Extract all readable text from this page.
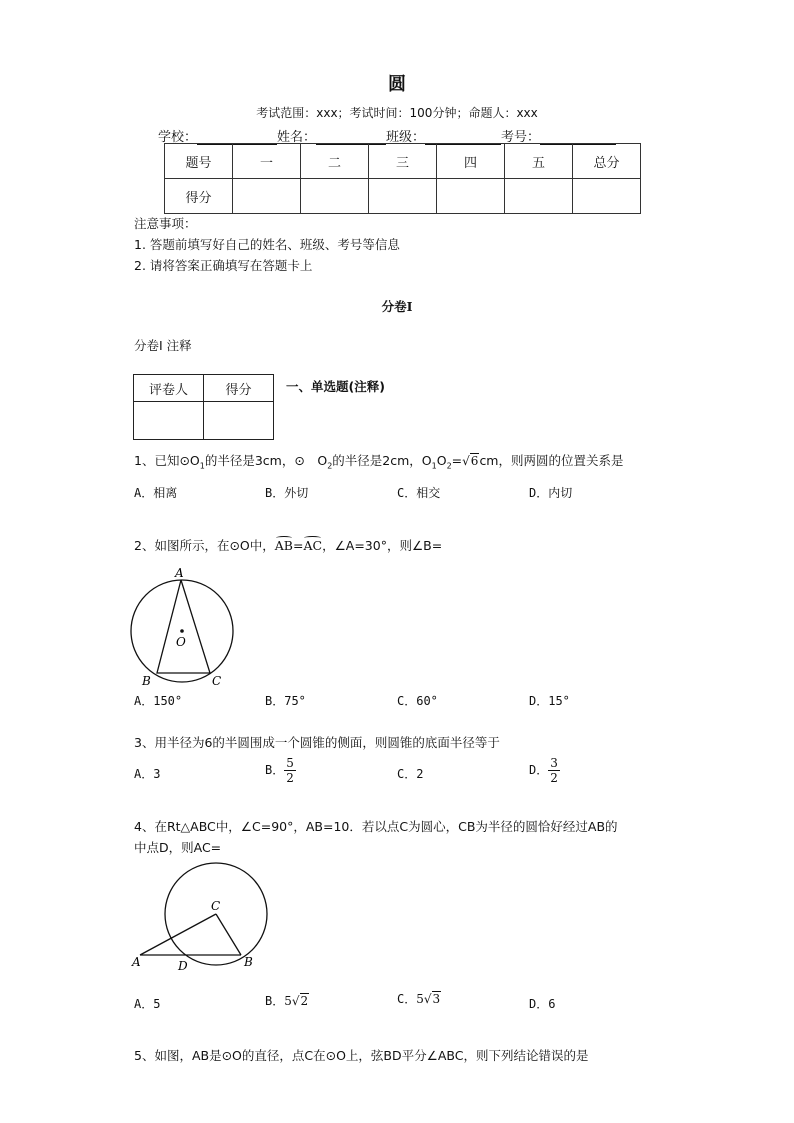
圆
考试范围：xxx；考试时间：100分钟；命题人：xxx
学校：	姓名：	班级：	考号：
题号	一	二	三	四	五	总分
得分						
注意事项：
1. 答题前填写好自己的姓名、班级、考号等信息
2. 请将答案正确填写在答题卡上
分卷I
分卷I 注释
评卷人	得分
		一、单选题(注释)
1、已知$⊙O_1$的半径是3cm，⊙　$O_2$的半径是2cm，$O_1O_2=√6cm$，则两圆的位置关系是
A．相离	B．外切	C．相交	D．内切
2、如图所示，在⊙O中，AB=AC，∠A=30°，则∠B=
A
O
B	C
A．150°	B．75°	C．60°	D．15°
3、用半径为6的半圆围成一个圆锥的侧面，则圆锥的底面半径等于
A．3	B． $\frac{5}{2}$	C．2	D． $\frac{3}{2}$
4、在Rt△ABC中，∠C=90°，AB=10．若以点C为圆心，CB为半径的圆恰好经过AB的
中点D，则AC=
C
A	D	B
A．5	B．5√2	C．5√3	D．6
5、如图，AB是⊙O的直径，点C在⊙O上，弦BD平分∠ABC，则下列结论错误的是
